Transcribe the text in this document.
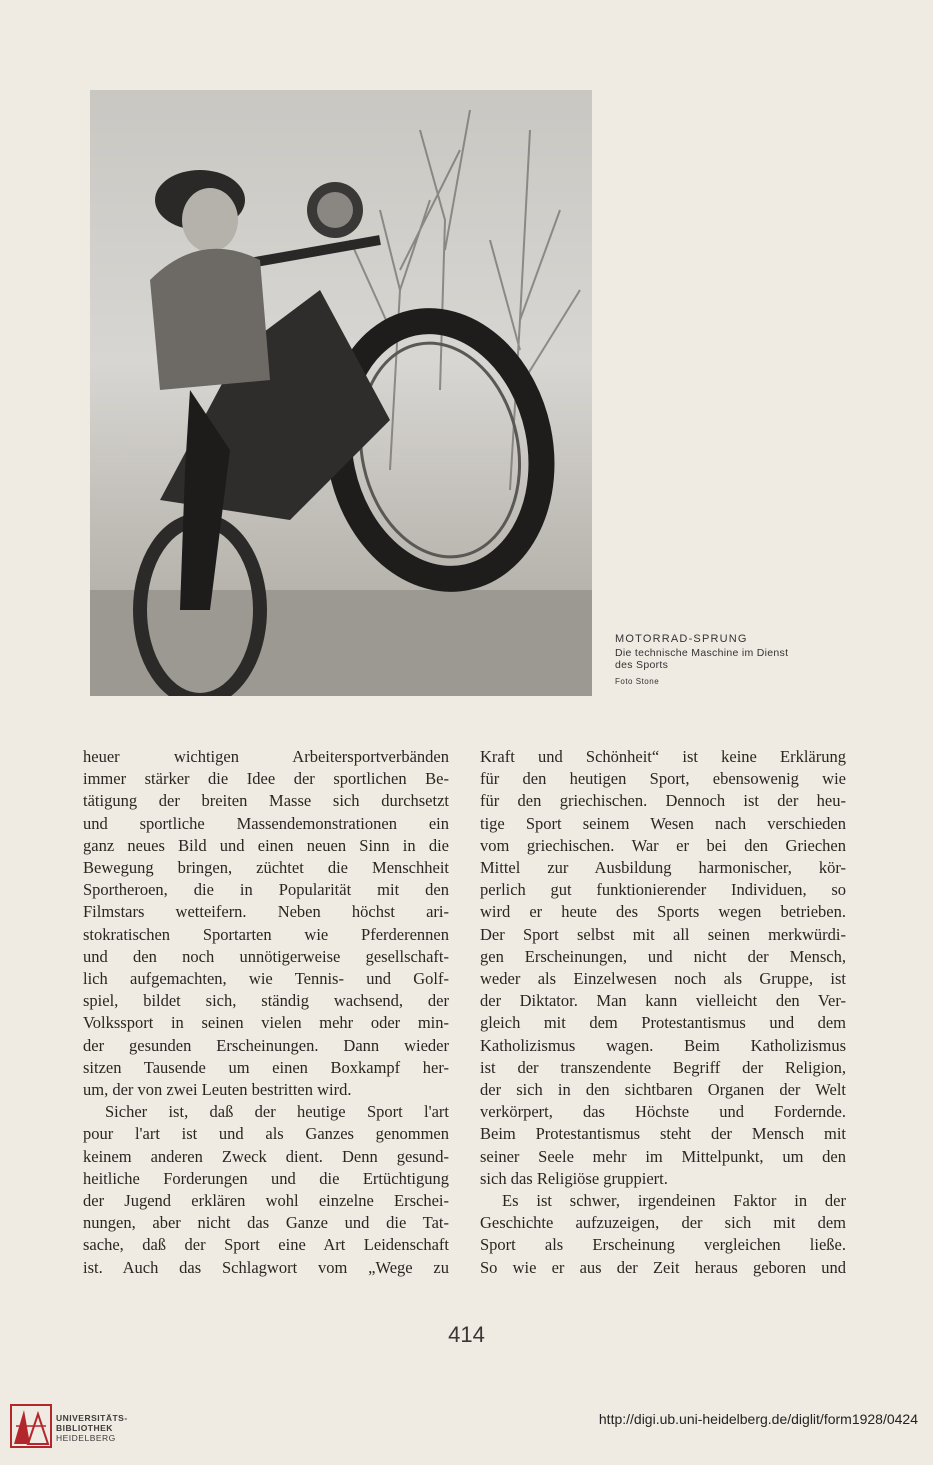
MOTORRAD-SPRUNG
Die technische Maschine im Dienst
des Sports
Foto Stone
heuer wichtigen Arbeitersportverbänden
immer stärker die Idee der sportlichen Be-
tätigung der breiten Masse sich durchsetzt
und sportliche Massendemonstrationen ein
ganz neues Bild und einen neuen Sinn in die
Bewegung bringen, züchtet die Menschheit
Sportheroen, die in Popularität mit den
Filmstars wetteifern. Neben höchst ari-
stokratischen Sportarten wie Pferderennen
und den noch unnötigerweise gesellschaft-
lich aufgemachten, wie Tennis- und Golf-
spiel, bildet sich, ständig wachsend, der
Volkssport in seinen vielen mehr oder min-
der gesunden Erscheinungen. Dann wieder
sitzen Tausende um einen Boxkampf her-
um, der von zwei Leuten bestritten wird.
Sicher ist, daß der heutige Sport l'art
pour l'art ist und als Ganzes genommen
keinem anderen Zweck dient. Denn gesund-
heitliche Forderungen und die Ertüchtigung
der Jugend erklären wohl einzelne Erschei-
nungen, aber nicht das Ganze und die Tat-
sache, daß der Sport eine Art Leidenschaft
ist. Auch das Schlagwort vom „Wege zu
Kraft und Schönheit“ ist keine Erklärung
für den heutigen Sport, ebensowenig wie
für den griechischen. Dennoch ist der heu-
tige Sport seinem Wesen nach verschieden
vom griechischen. War er bei den Griechen
Mittel zur Ausbildung harmonischer, kör-
perlich gut funktionierender Individuen, so
wird er heute des Sports wegen betrieben.
Der Sport selbst mit all seinen merkwürdi-
gen Erscheinungen, und nicht der Mensch,
weder als Einzelwesen noch als Gruppe, ist
der Diktator. Man kann vielleicht den Ver-
gleich mit dem Protestantismus und dem
Katholizismus wagen. Beim Katholizismus
ist der transzendente Begriff der Religion,
der sich in den sichtbaren Organen der Welt
verkörpert, das Höchste und Fordernde.
Beim Protestantismus steht der Mensch mit
seiner Seele mehr im Mittelpunkt, um den
sich das Religiöse gruppiert.
Es ist schwer, irgendeinen Faktor in der
Geschichte aufzuzeigen, der sich mit dem
Sport als Erscheinung vergleichen ließe.
So wie er aus der Zeit heraus geboren und
414
UNIVERSITÄTS-
BIBLIOTHEK
HEIDELBERG
http://digi.ub.uni-heidelberg.de/diglit/form1928/0424
